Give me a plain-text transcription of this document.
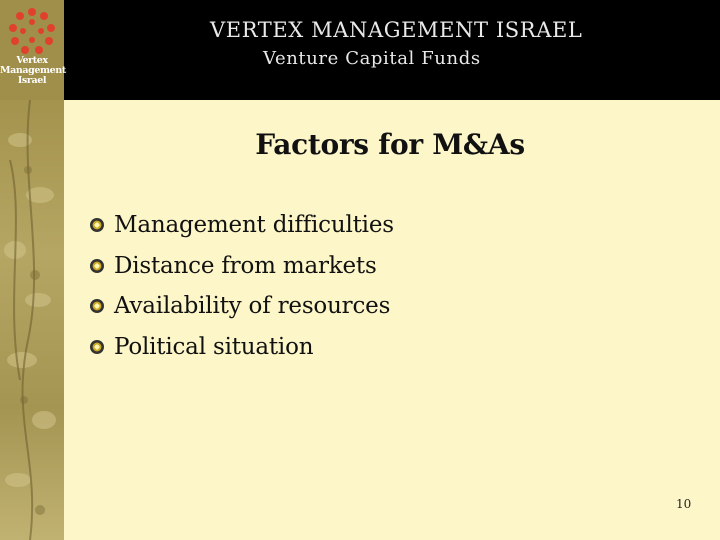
Vertex
Management
Israel
VERTEX MANAGEMENT ISRAEL
Venture Capital Funds
Factors for M&As
Management difficulties
Distance from markets
Availability of resources
Political situation
10
